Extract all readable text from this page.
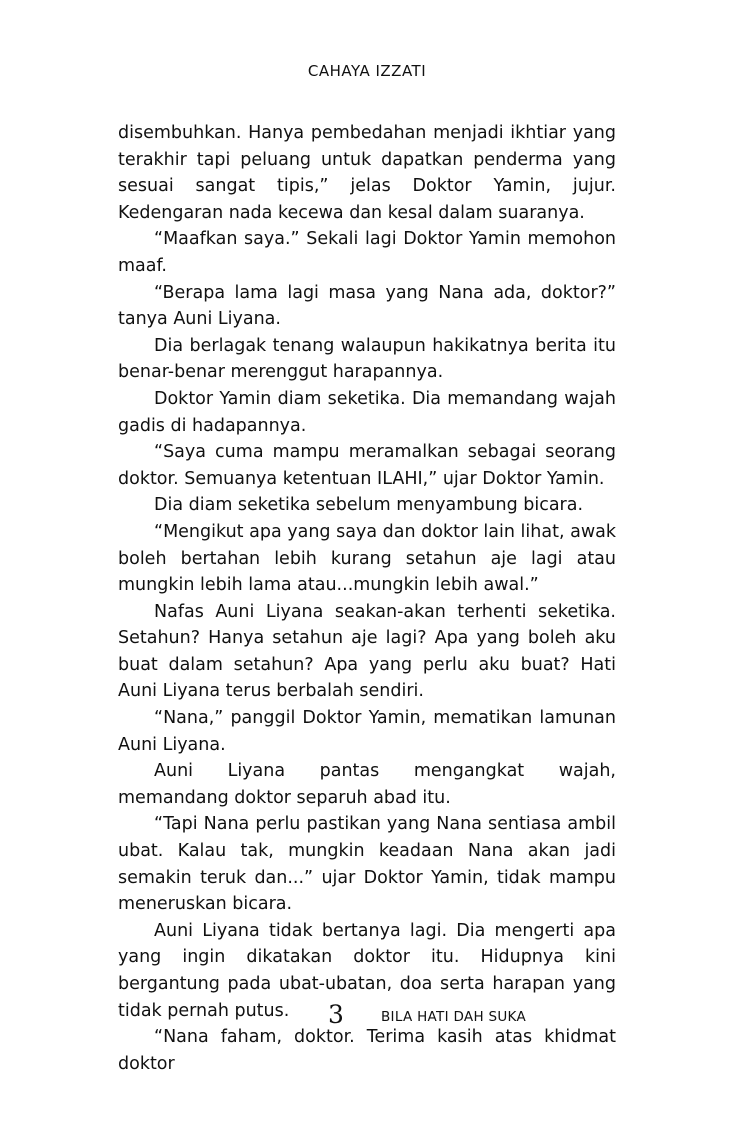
CAHAYA IZZATI

disembuhkan. Hanya pembedahan menjadi ikhtiar yang terakhir tapi peluang untuk dapatkan penderma yang sesuai sangat tipis,” jelas Doktor Yamin, jujur. Kedengaran nada kecewa dan kesal dalam suaranya.

“Maafkan saya.” Sekali lagi Doktor Yamin memohon maaf.

“Berapa lama lagi masa yang Nana ada, doktor?” tanya Auni Liyana.

Dia berlagak tenang walaupun hakikatnya berita itu benar-benar merenggut harapannya.

Doktor Yamin diam seketika. Dia memandang wajah gadis di hadapannya.

“Saya cuma mampu meramalkan sebagai seorang doktor. Semuanya ketentuan ILAHI,” ujar Doktor Yamin.

Dia diam seketika sebelum menyambung bicara.

“Mengikut apa yang saya dan doktor lain lihat, awak boleh bertahan lebih kurang setahun aje lagi atau mungkin lebih lama atau...mungkin lebih awal.”

Nafas Auni Liyana seakan-akan terhenti seketika. Setahun? Hanya setahun aje lagi? Apa yang boleh aku buat dalam setahun? Apa yang perlu aku buat? Hati Auni Liyana terus berbalah sendiri.

“Nana,” panggil Doktor Yamin, mematikan lamunan Auni Liyana.

Auni Liyana pantas mengangkat wajah, memandang doktor separuh abad itu.

“Tapi Nana perlu pastikan yang Nana sentiasa ambil ubat. Kalau tak, mungkin keadaan Nana akan jadi semakin teruk dan...” ujar Doktor Yamin, tidak mampu meneruskan bicara.

Auni Liyana tidak bertanya lagi. Dia mengerti apa yang ingin dikatakan doktor itu. Hidupnya kini bergantung pada ubat-ubatan, doa serta harapan yang tidak pernah putus.

“Nana faham, doktor. Terima kasih atas khidmat doktor

3	BILA HATI DAH SUKA
